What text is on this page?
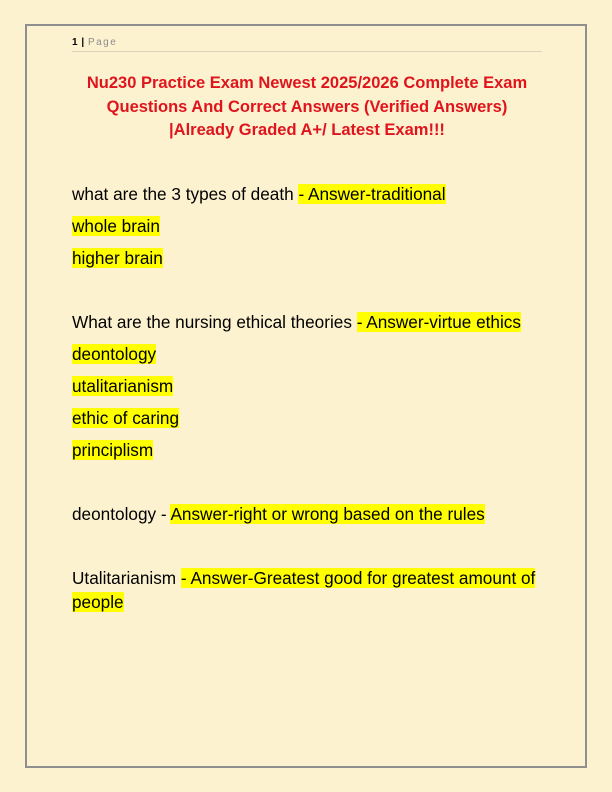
1 | Page
Nu230 Practice Exam Newest 2025/2026 Complete Exam Questions And Correct Answers (Verified Answers) |Already Graded A+/ Latest Exam!!!
what are the 3 types of death - Answer-traditional
whole brain
higher brain
What are the nursing ethical theories - Answer-virtue ethics
deontology
utalitarianism
ethic of caring
principlism
deontology - Answer-right or wrong based on the rules
Utalitarianism - Answer-Greatest good for greatest amount of people
